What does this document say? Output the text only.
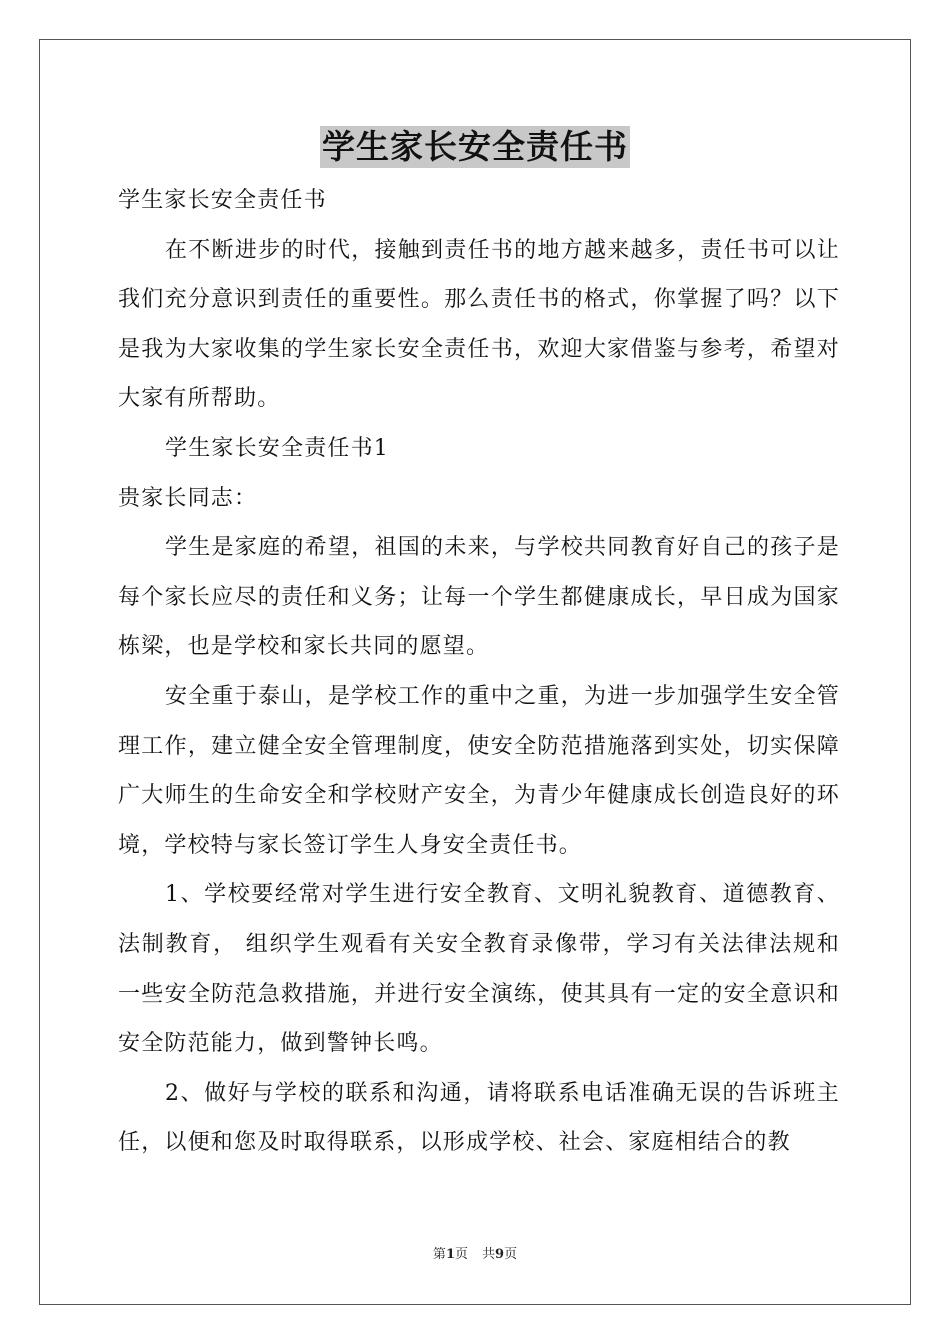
学生家长安全责任书

学生家长安全责任书

在不断进步的时代，接触到责任书的地方越来越多，责任书可以让我们充分意识到责任的重要性。那么责任书的格式，你掌握了吗？以下是我为大家收集的学生家长安全责任书，欢迎大家借鉴与参考，希望对大家有所帮助。

学生家长安全责任书1

贵家长同志：

学生是家庭的希望，祖国的未来，与学校共同教育好自己的孩子是每个家长应尽的责任和义务；让每一个学生都健康成长，早日成为国家栋梁，也是学校和家长共同的愿望。

安全重于泰山，是学校工作的重中之重，为进一步加强学生安全管理工作，建立健全安全管理制度，使安全防范措施落到实处，切实保障广大师生的生命安全和学校财产安全，为青少年健康成长创造良好的环境，学校特与家长签订学生人身安全责任书。

1、学校要经常对学生进行安全教育、文明礼貌教育、道德教育、法制教育， 组织学生观看有关安全教育录像带，学习有关法律法规和一些安全防范急救措施，并进行安全演练，使其具有一定的安全意识和安全防范能力，做到警钟长鸣。

2、做好与学校的联系和沟通，请将联系电话准确无误的告诉班主任，以便和您及时取得联系，以形成学校、社会、家庭相结合的教

第1页 共9页
